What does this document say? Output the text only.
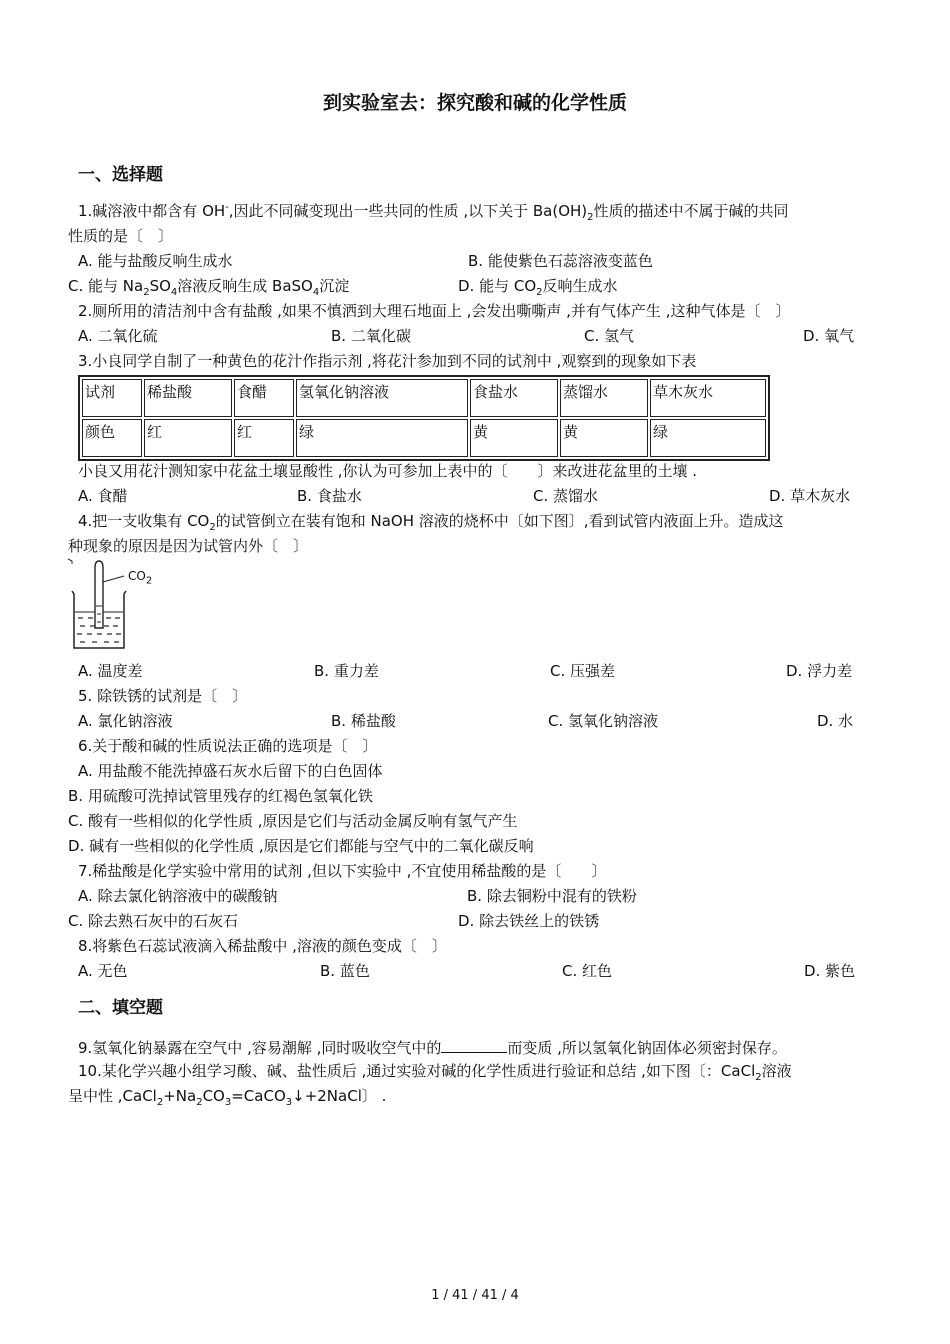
到实验室去：探究酸和碱的化学性质
一、选择题
1.碱溶液中都含有 OH-,因此不同碱变现出一些共同的性质 ,以下关于 $Ba(OH)_2$性质的描述中不属于碱的共同
性质的是〔　〕
A. 能与盐酸反响生成水	B. 能使紫色石蕊溶液变蓝色
C. 能与 $Na_2SO_4$溶液反响生成 BaSO$_4$沉淀	D. 能与 $CO_2$反响生成水
2.厕所用的清洁剂中含有盐酸 ,如果不慎洒到大理石地面上 ,会发出嘶嘶声 ,并有气体产生 ,这种气体是〔　〕
A. 二氧化硫	B. 二氧化碳	C. 氢气	D. 氧气
3.小良同学自制了一种黄色的花汁作指示剂 ,将花汁参加到不同的试剂中 ,观察到的现象如下表
试剂	稀盐酸	食醋	氢氧化钠溶液	食盐水	蒸馏水	草木灰水
颜色	红	红	绿	黄	黄	绿
小良又用花汁测知家中花盆土壤显酸性 ,你认为可参加上表中的〔　　〕来改进花盆里的土壤 .
A. 食醋	B. 食盐水	C. 蒸馏水	D. 草木灰水
4.把一支收集有 $CO_2$的试管倒立在装有饱和 NaOH 溶液的烧杯中〔如下图〕,看到试管内液面上升。造成这
种现象的原因是因为试管内外〔　〕
$CO_2$
A. 温度差	B. 重力差	C. 压强差	D. 浮力差
5. 除铁锈的试剂是〔　〕
A. 氯化钠溶液	B. 稀盐酸	C. 氢氧化钠溶液	D. 水
6.关于酸和碱的性质说法正确的选项是〔　〕
A. 用盐酸不能洗掉盛石灰水后留下的白色固体
B. 用硫酸可洗掉试管里残存的红褐色氢氧化铁
C. 酸有一些相似的化学性质 ,原因是它们与活动金属反响有氢气产生
D. 碱有一些相似的化学性质 ,原因是它们都能与空气中的二氧化碳反响
7.稀盐酸是化学实验中常用的试剂 ,但以下实验中 ,不宜使用稀盐酸的是〔　　〕
A. 除去氯化钠溶液中的碳酸钠	B. 除去铜粉中混有的铁粉
C. 除去熟石灰中的石灰石	D. 除去铁丝上的铁锈
8.将紫色石蕊试液滴入稀盐酸中 ,溶液的颜色变成〔　〕
A. 无色	B. 蓝色	C. 红色	D. 紫色
二、填空题
9.氢氧化钠暴露在空气中 ,容易潮解 ,同时吸收空气中的	而变质 ,所以氢氧化钠固体必须密封保存。
10.某化学兴趣小组学习酸、碱、盐性质后 ,通过实验对碱的化学性质进行验证和总结 ,如下图〔：CaCl$_2$溶液
呈中性 $,CaCl_2+Na_2CO_3=CaCO_3↓+2NaCl$〕 .
1 / 41 / 41 / 4
